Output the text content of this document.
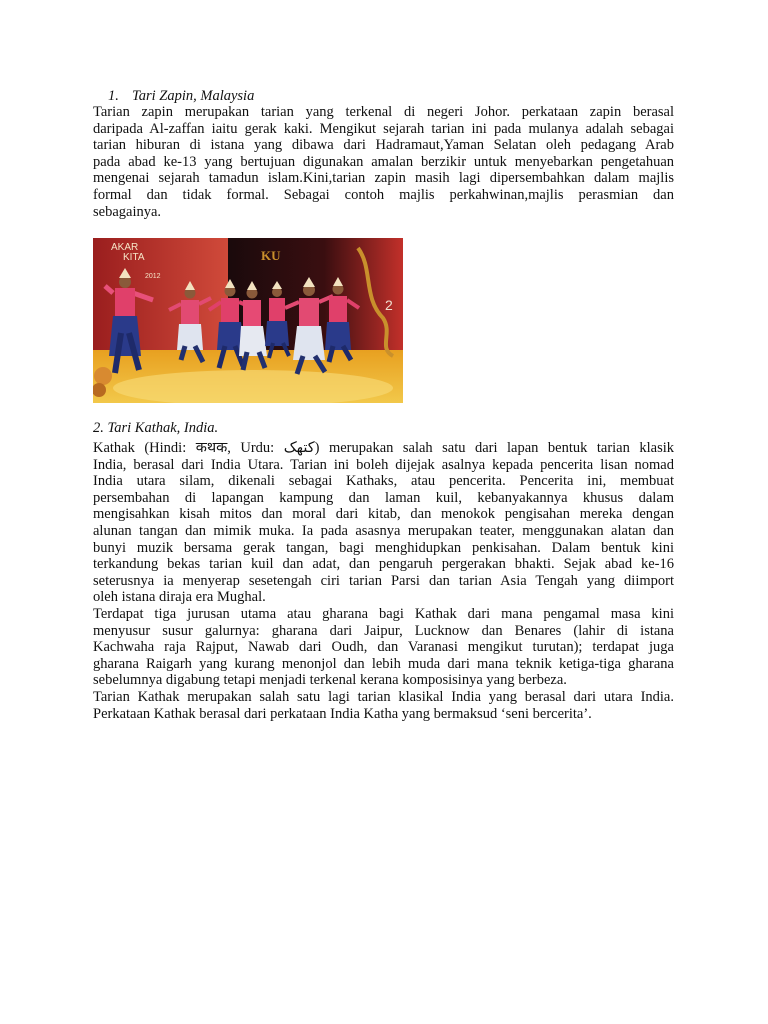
1. Tari Zapin, Malaysia
Tarian zapin merupakan tarian yang terkenal di negeri Johor. perkataan zapin berasal
daripada Al-zaffan iaitu gerak kaki. Mengikut sejarah tarian ini pada mulanya adalah sebagai
tarian hiburan di istana yang dibawa dari Hadramaut,Yaman Selatan oleh pedagang Arab
pada abad ke-13 yang bertujuan digunakan amalan berzikir untuk menyebarkan pengetahuan
mengenai sejarah tamadun islam.Kini,tarian zapin masih lagi dipersembahkan dalam majlis
formal dan tidak formal. Sebagai contoh majlis perkahwinan,majlis perasmian dan
sebagainya.
AKAR
KITA
2012
KU
2
2. Tari Kathak, India.
Kathak (Hindi: कथक, Urdu: کتھک) merupakan salah satu dari lapan bentuk tarian klasik
India, berasal dari India Utara. Tarian ini boleh dijejak asalnya kepada pencerita lisan nomad
India utara silam, dikenali sebagai Kathaks, atau pencerita. Pencerita ini, membuat
persembahan di lapangan kampung dan laman kuil, kebanyakannya khusus dalam
mengisahkan kisah mitos dan moral dari kitab, dan menokok pengisahan mereka dengan
alunan tangan dan mimik muka. Ia pada asasnya merupakan teater, menggunakan alatan dan
bunyi muzik bersama gerak tangan, bagi menghidupkan penkisahan. Dalam bentuk kini
terkandung bekas tarian kuil dan adat, dan pengaruh pergerakan bhakti. Sejak abad ke-16
seterusnya ia menyerap sesetengah ciri tarian Parsi dan tarian Asia Tengah yang diimport
oleh istana diraja era Mughal.
Terdapat tiga jurusan utama atau gharana bagi Kathak dari mana pengamal masa kini
menyusur susur galurnya: gharana dari Jaipur, Lucknow dan Benares (lahir di istana
Kachwaha raja Rajput, Nawab dari Oudh, dan Varanasi mengikut turutan); terdapat juga
gharana Raigarh yang kurang menonjol dan lebih muda dari mana teknik ketiga-tiga gharana
sebelumnya digabung tetapi menjadi terkenal kerana komposisinya yang berbeza.
Tarian Kathak merupakan salah satu lagi tarian klasikal India yang berasal dari utara India.
Perkataan Kathak berasal dari perkataan India Katha yang bermaksud ‘seni bercerita’.
